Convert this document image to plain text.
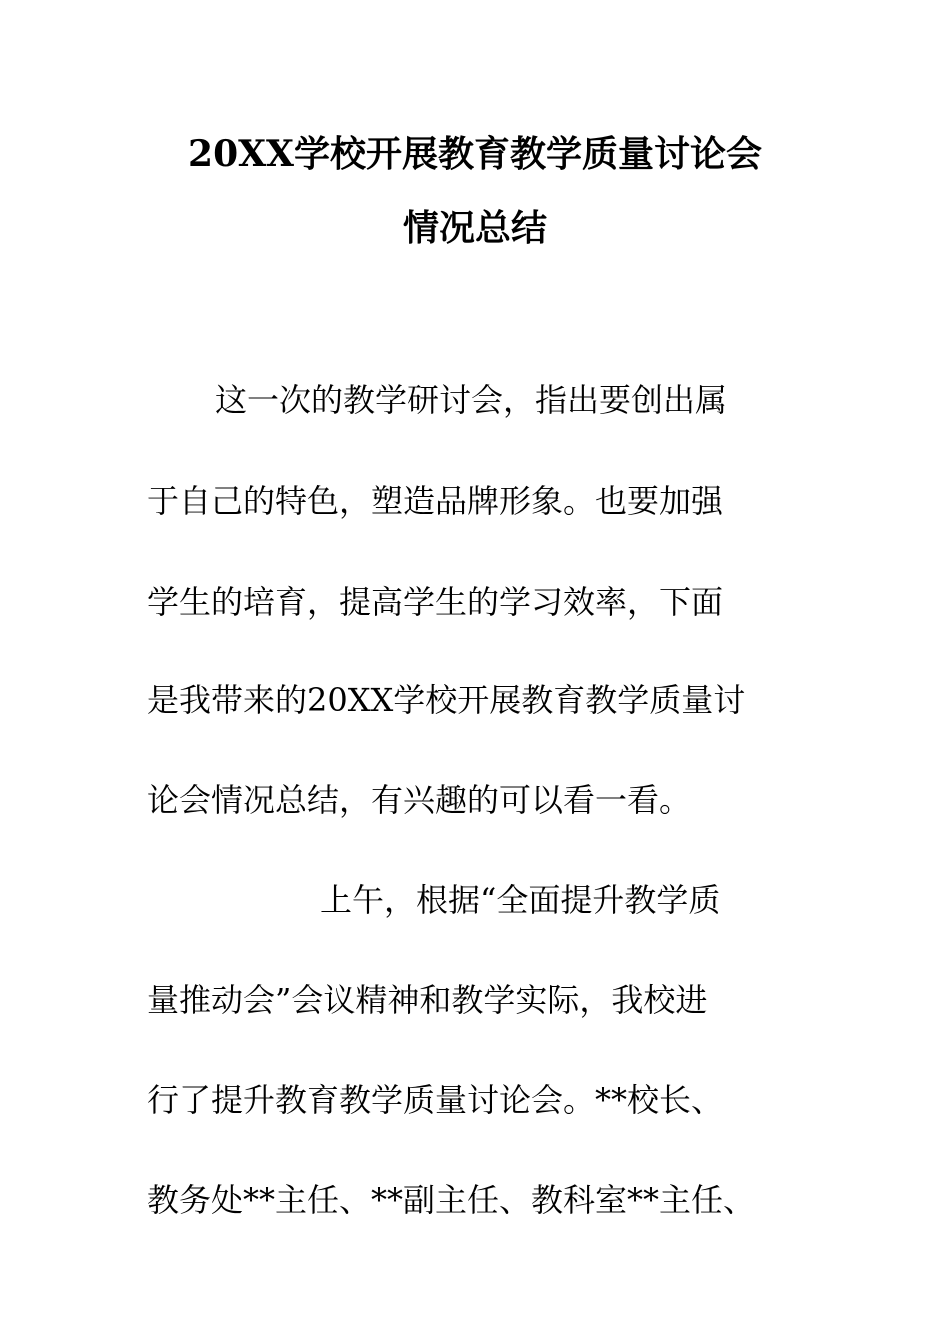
20XX学校开展教育教学质量讨论会
情况总结
这一次的教学研讨会，指出要创出属
于自己的特色，塑造品牌形象。也要加强
学生的培育，提高学生的学习效率，下面
是我带来的20XX学校开展教育教学质量讨
论会情况总结，有兴趣的可以看一看。
上午，根据“全面提升教学质
量推动会”会议精神和教学实际，我校进
行了提升教育教学质量讨论会。**校长、
教务处**主任、**副主任、教科室**主任、
